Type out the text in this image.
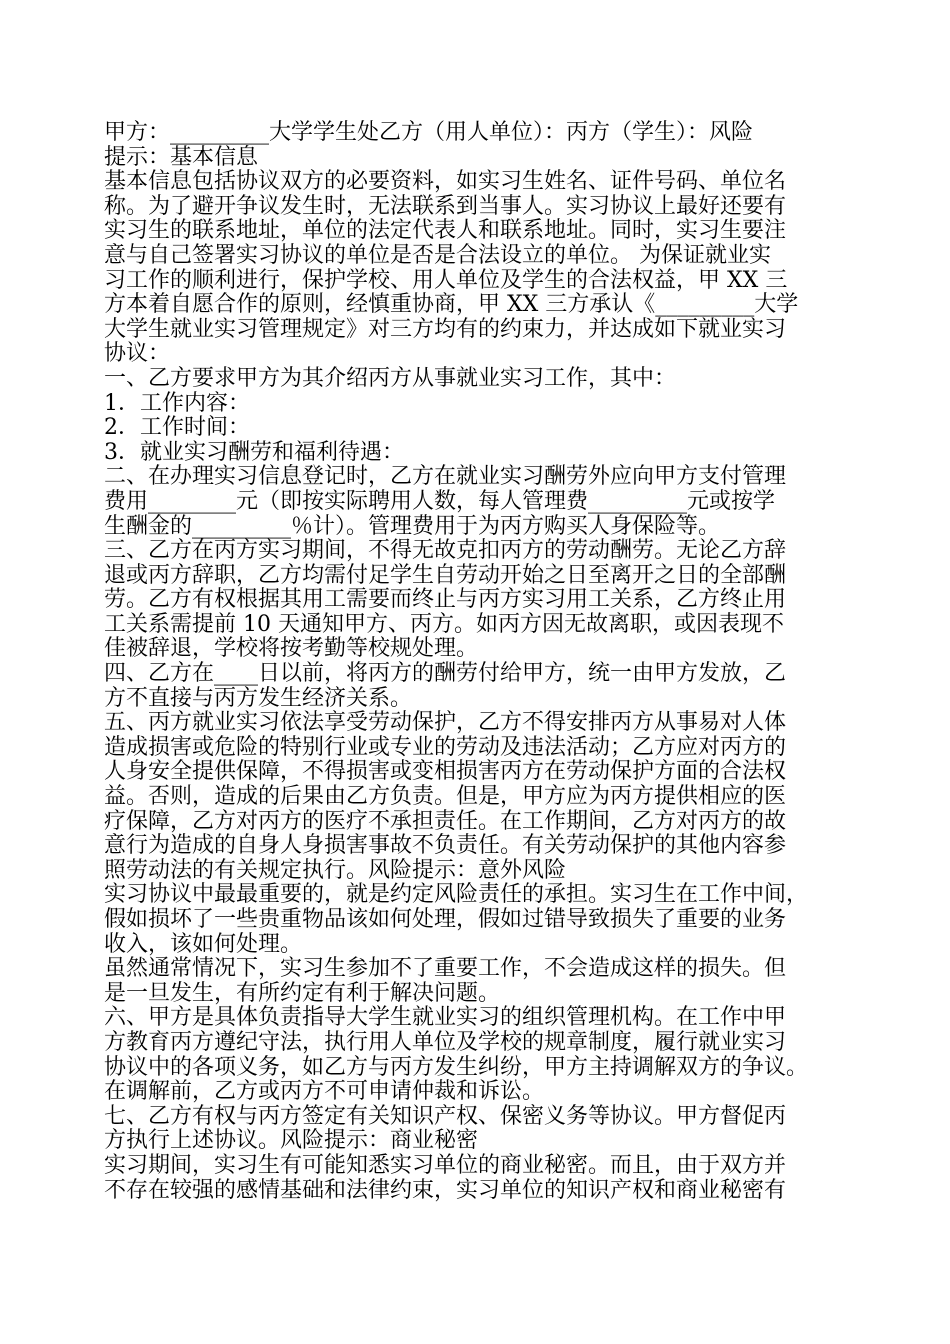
甲方：_________大学学生处乙方（用人单位）：丙方（学生）：风险
提示：基本信息
基本信息包括协议双方的必要资料，如实习生姓名、证件号码、单位名
称。为了避开争议发生时，无法联系到当事人。实习协议上最好还要有
实习生的联系地址，单位的法定代表人和联系地址。同时，实习生要注
意与自己签署实习协议的单位是否是合法设立的单位。 为保证就业实
习工作的顺利进行，保护学校、用人单位及学生的合法权益，甲 XX 三
方本着自愿合作的原则，经慎重协商，甲 XX 三方承认《_________大学
大学生就业实习管理规定》对三方均有的约束力，并达成如下就业实习
协议：
一、乙方要求甲方为其介绍丙方从事就业实习工作，其中：
1．工作内容：
2．工作时间：
3．就业实习酬劳和福利待遇：
二、在办理实习信息登记时，乙方在就业实习酬劳外应向甲方支付管理
费用________元（即按实际聘用人数，每人管理费_________元或按学
生酬金的_________％计）。管理费用于为丙方购买人身保险等。
三、乙方在丙方实习期间，不得无故克扣丙方的劳动酬劳。无论乙方辞
退或丙方辞职，乙方均需付足学生自劳动开始之日至离开之日的全部酬
劳。乙方有权根据其用工需要而终止与丙方实习用工关系，乙方终止用
工关系需提前 10 天通知甲方、丙方。如丙方因无故离职，或因表现不
佳被辞退，学校将按考勤等校规处理。
四、乙方在____日以前，将丙方的酬劳付给甲方，统一由甲方发放，乙
方不直接与丙方发生经济关系。
五、丙方就业实习依法享受劳动保护，乙方不得安排丙方从事易对人体
造成损害或危险的特别行业或专业的劳动及违法活动；乙方应对丙方的
人身安全提供保障，不得损害或变相损害丙方在劳动保护方面的合法权
益。否则，造成的后果由乙方负责。但是，甲方应为丙方提供相应的医
疗保障，乙方对丙方的医疗不承担责任。在工作期间，乙方对丙方的故
意行为造成的自身人身损害事故不负责任。有关劳动保护的其他内容参
照劳动法的有关规定执行。风险提示：意外风险
实习协议中最最重要的，就是约定风险责任的承担。实习生在工作中间，
假如损坏了一些贵重物品该如何处理，假如过错导致损失了重要的业务
收入，该如何处理。
虽然通常情况下，实习生参加不了重要工作，不会造成这样的损失。但
是一旦发生，有所约定有利于解决问题。
六、甲方是具体负责指导大学生就业实习的组织管理机构。在工作中甲
方教育丙方遵纪守法，执行用人单位及学校的规章制度，履行就业实习
协议中的各项义务，如乙方与丙方发生纠纷，甲方主持调解双方的争议。
在调解前，乙方或丙方不可申请仲裁和诉讼。
七、乙方有权与丙方签定有关知识产权、保密义务等协议。甲方督促丙
方执行上述协议。风险提示：商业秘密
实习期间，实习生有可能知悉实习单位的商业秘密。而且，由于双方并
不存在较强的感情基础和法律约束，实习单位的知识产权和商业秘密有
